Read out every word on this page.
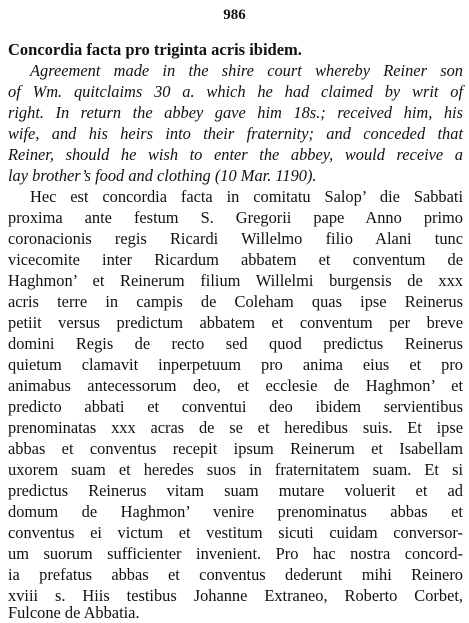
986
Concordia facta pro triginta acris ibidem.
Agreement made in the shire court whereby Reiner son
of Wm. quitclaims 30 a. which he had claimed by writ of
right. In return the abbey gave him 18s.; received him, his
wife, and his heirs into their fraternity; and conceded that
Reiner, should he wish to enter the abbey, would receive a
lay brother’s food and clothing (10 Mar. 1190).
Hec est concordia facta in comitatu Salop’ die Sabbati
proxima ante festum S. Gregorii pape Anno primo
coronacionis regis Ricardi Willelmo filio Alani tunc
vicecomite inter Ricardum abbatem et conventum de
Haghmon’ et Reinerum filium Willelmi burgensis de xxx
acris terre in campis de Coleham quas ipse Reinerus
petiit versus predictum abbatem et conventum per breve
domini Regis de recto sed quod predictus Reinerus
quietum clamavit inperpetuum pro anima eius et pro
animabus antecessorum deo, et ecclesie de Haghmon’ et
predicto abbati et conventui deo ibidem servientibus
prenominatas xxx acras de se et heredibus suis. Et ipse
abbas et conventus recepit ipsum Reinerum et Isabellam
uxorem suam et heredes suos in fraternitatem suam. Et si
predictus Reinerus vitam suam mutare voluerit et ad
domum de Haghmon’ venire prenominatus abbas et
conventus ei victum et vestitum sicuti cuidam conversor-
um suorum sufficienter invenient. Pro hac nostra concord-
ia prefatus abbas et conventus dederunt mihi Reinero
xviii s. Hiis testibus Johanne Extraneo, Roberto Corbet,
Fulcone de Abbatia.
